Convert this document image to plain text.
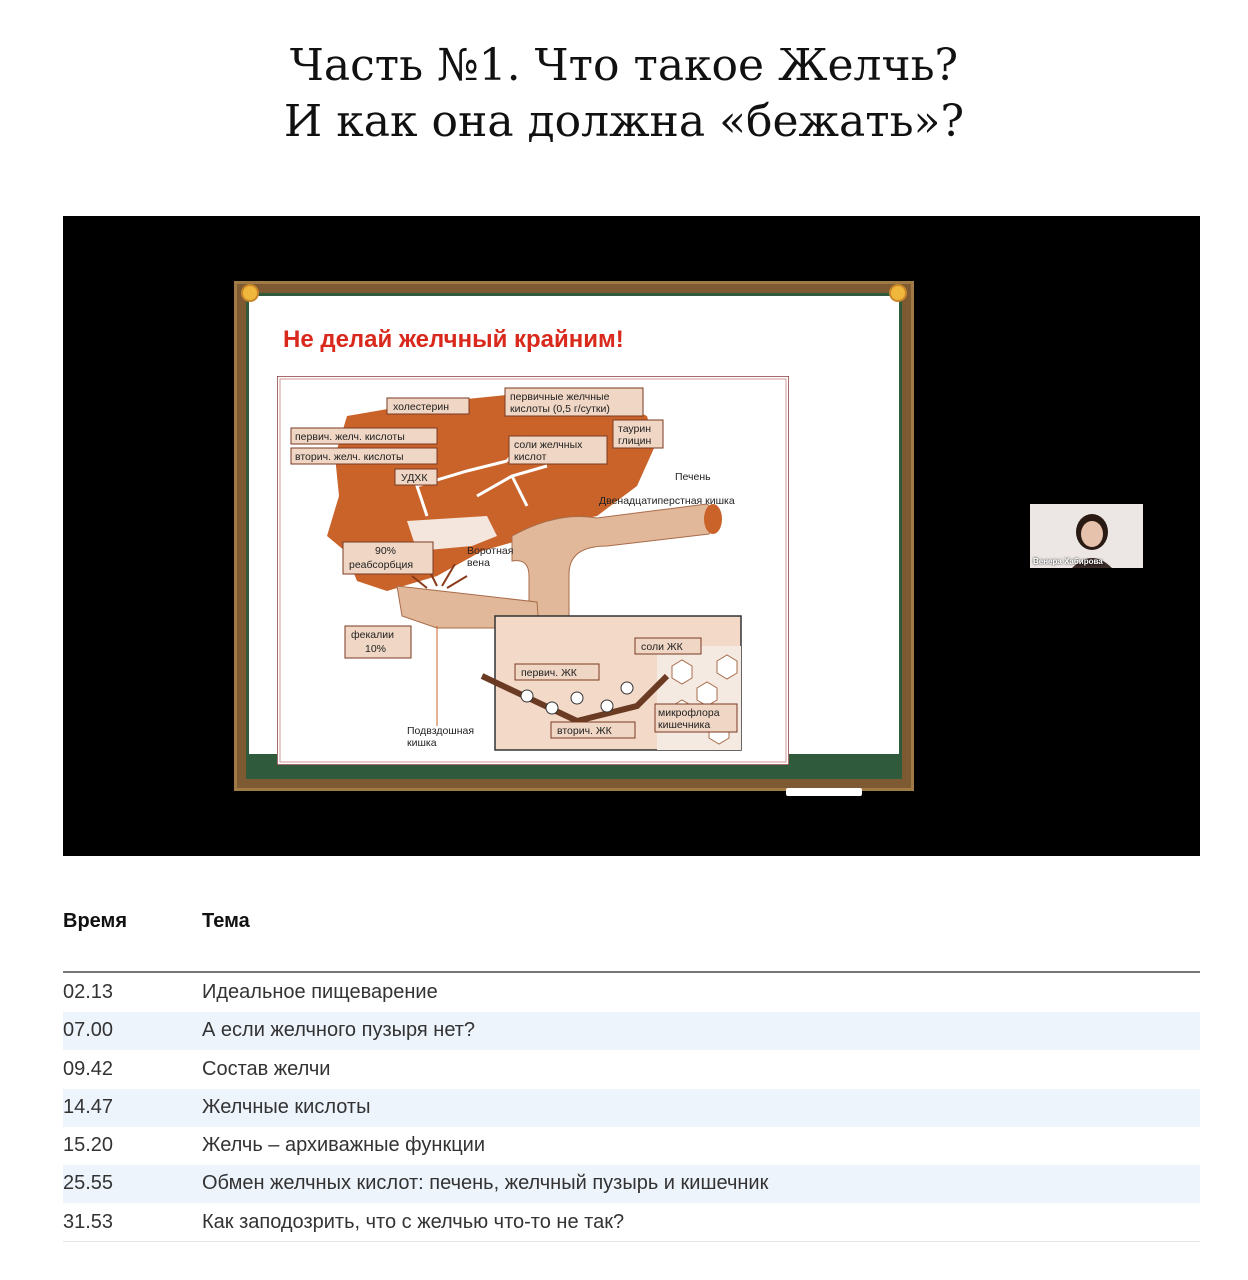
Часть №1. Что такое Желчь?
И как она должна «бежать»?
Не делай желчный крайним!
холестерин
первичные желчные
кислоты (0,5 г/сутки)
первич. желч. кислоты
вторич. желч. кислоты
таурин
глицин
соли желчных
кислот
УДХК	Печень
Двенадцатиперстная кишка
90%
реабсорбция
Воротная
вена
фекалии
10%	соли ЖК
первич. ЖК
микрофлора
кишечника
вторич. ЖК
Подвздошная
кишка
Венера Хабирова
Время	Тема
02.13	Идеальное пищеварение
07.00	А если желчного пузыря нет?
09.42	Состав желчи
14.47	Желчные кислоты
15.20	Желчь – архиважные функции
25.55	Обмен желчных кислот: печень, желчный пузырь и кишечник
31.53	Как заподозрить, что с желчью что-то не так?
